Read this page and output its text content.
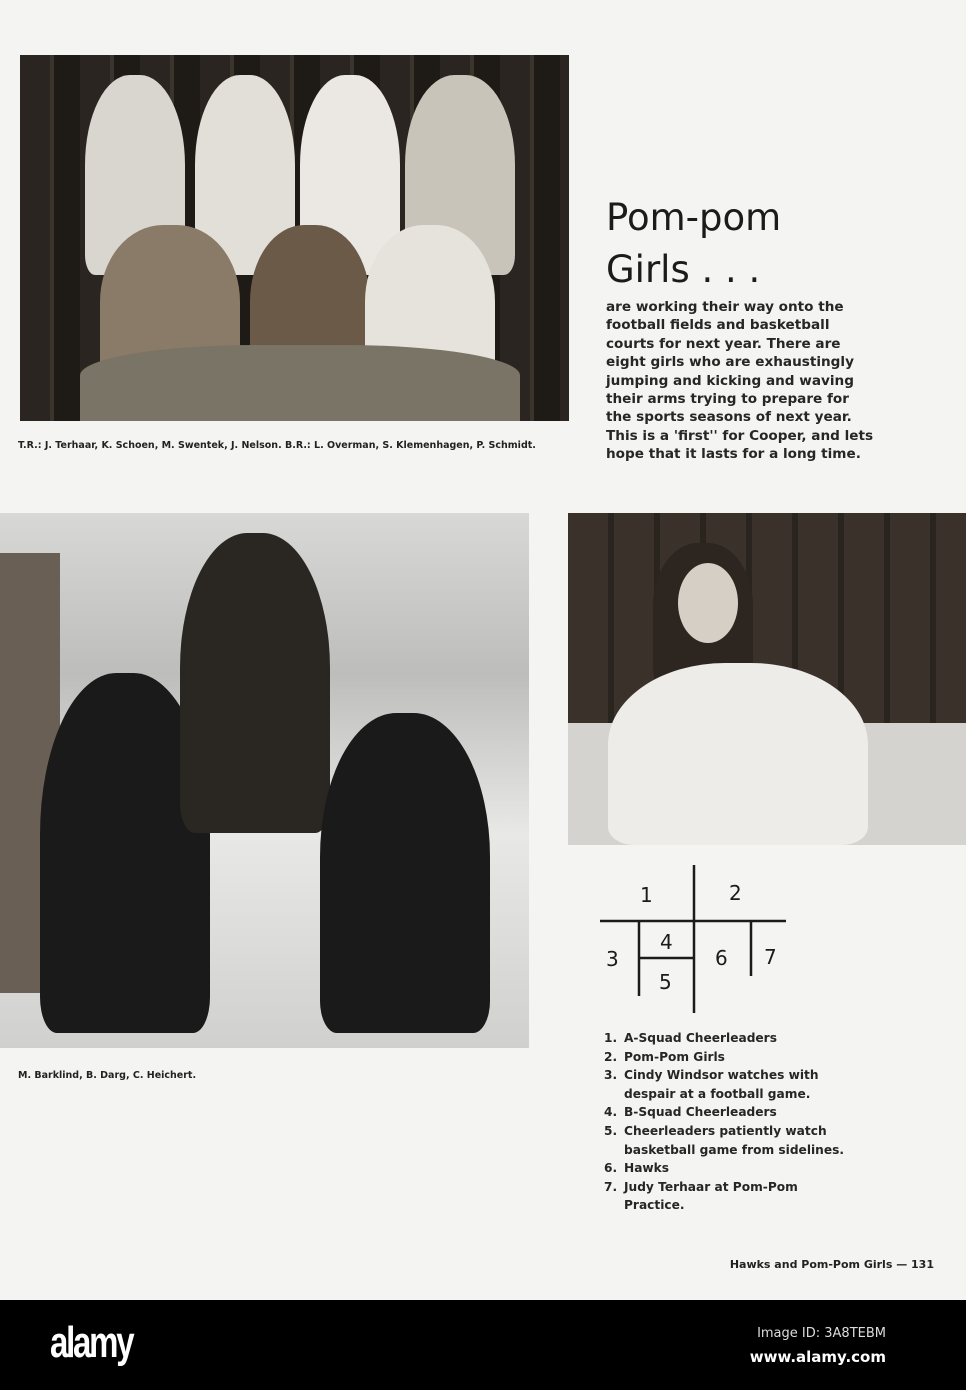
T.R.: J. Terhaar, K. Schoen, M. Swentek, J. Nelson. B.R.: L. Overman, S. Klemenhagen, P. Schmidt.
Pom-pom
Girls . . .
are working their way onto the football fields and basketball courts for next year. There are eight girls who are exhaustingly jumping and kicking and waving their arms trying to prepare for the sports seasons of next year. This is a 'first'' for Cooper, and lets hope that it lasts for a long time.
M. Barklind, B. Darg, C. Heichert.
1	2
3
4
5
6 7
1. A-Squad Cheerleaders
2. Pom-Pom Girls
3. Cindy Windsor watches with despair at a football game.
4. B-Squad Cheerleaders
5. Cheerleaders patiently watch basketball game from sidelines.
6. Hawks
7. Judy Terhaar at Pom-Pom Practice.
Hawks and Pom-Pom Girls — 131
alamy	Image ID: 3A8TEBM
www.alamy.com
